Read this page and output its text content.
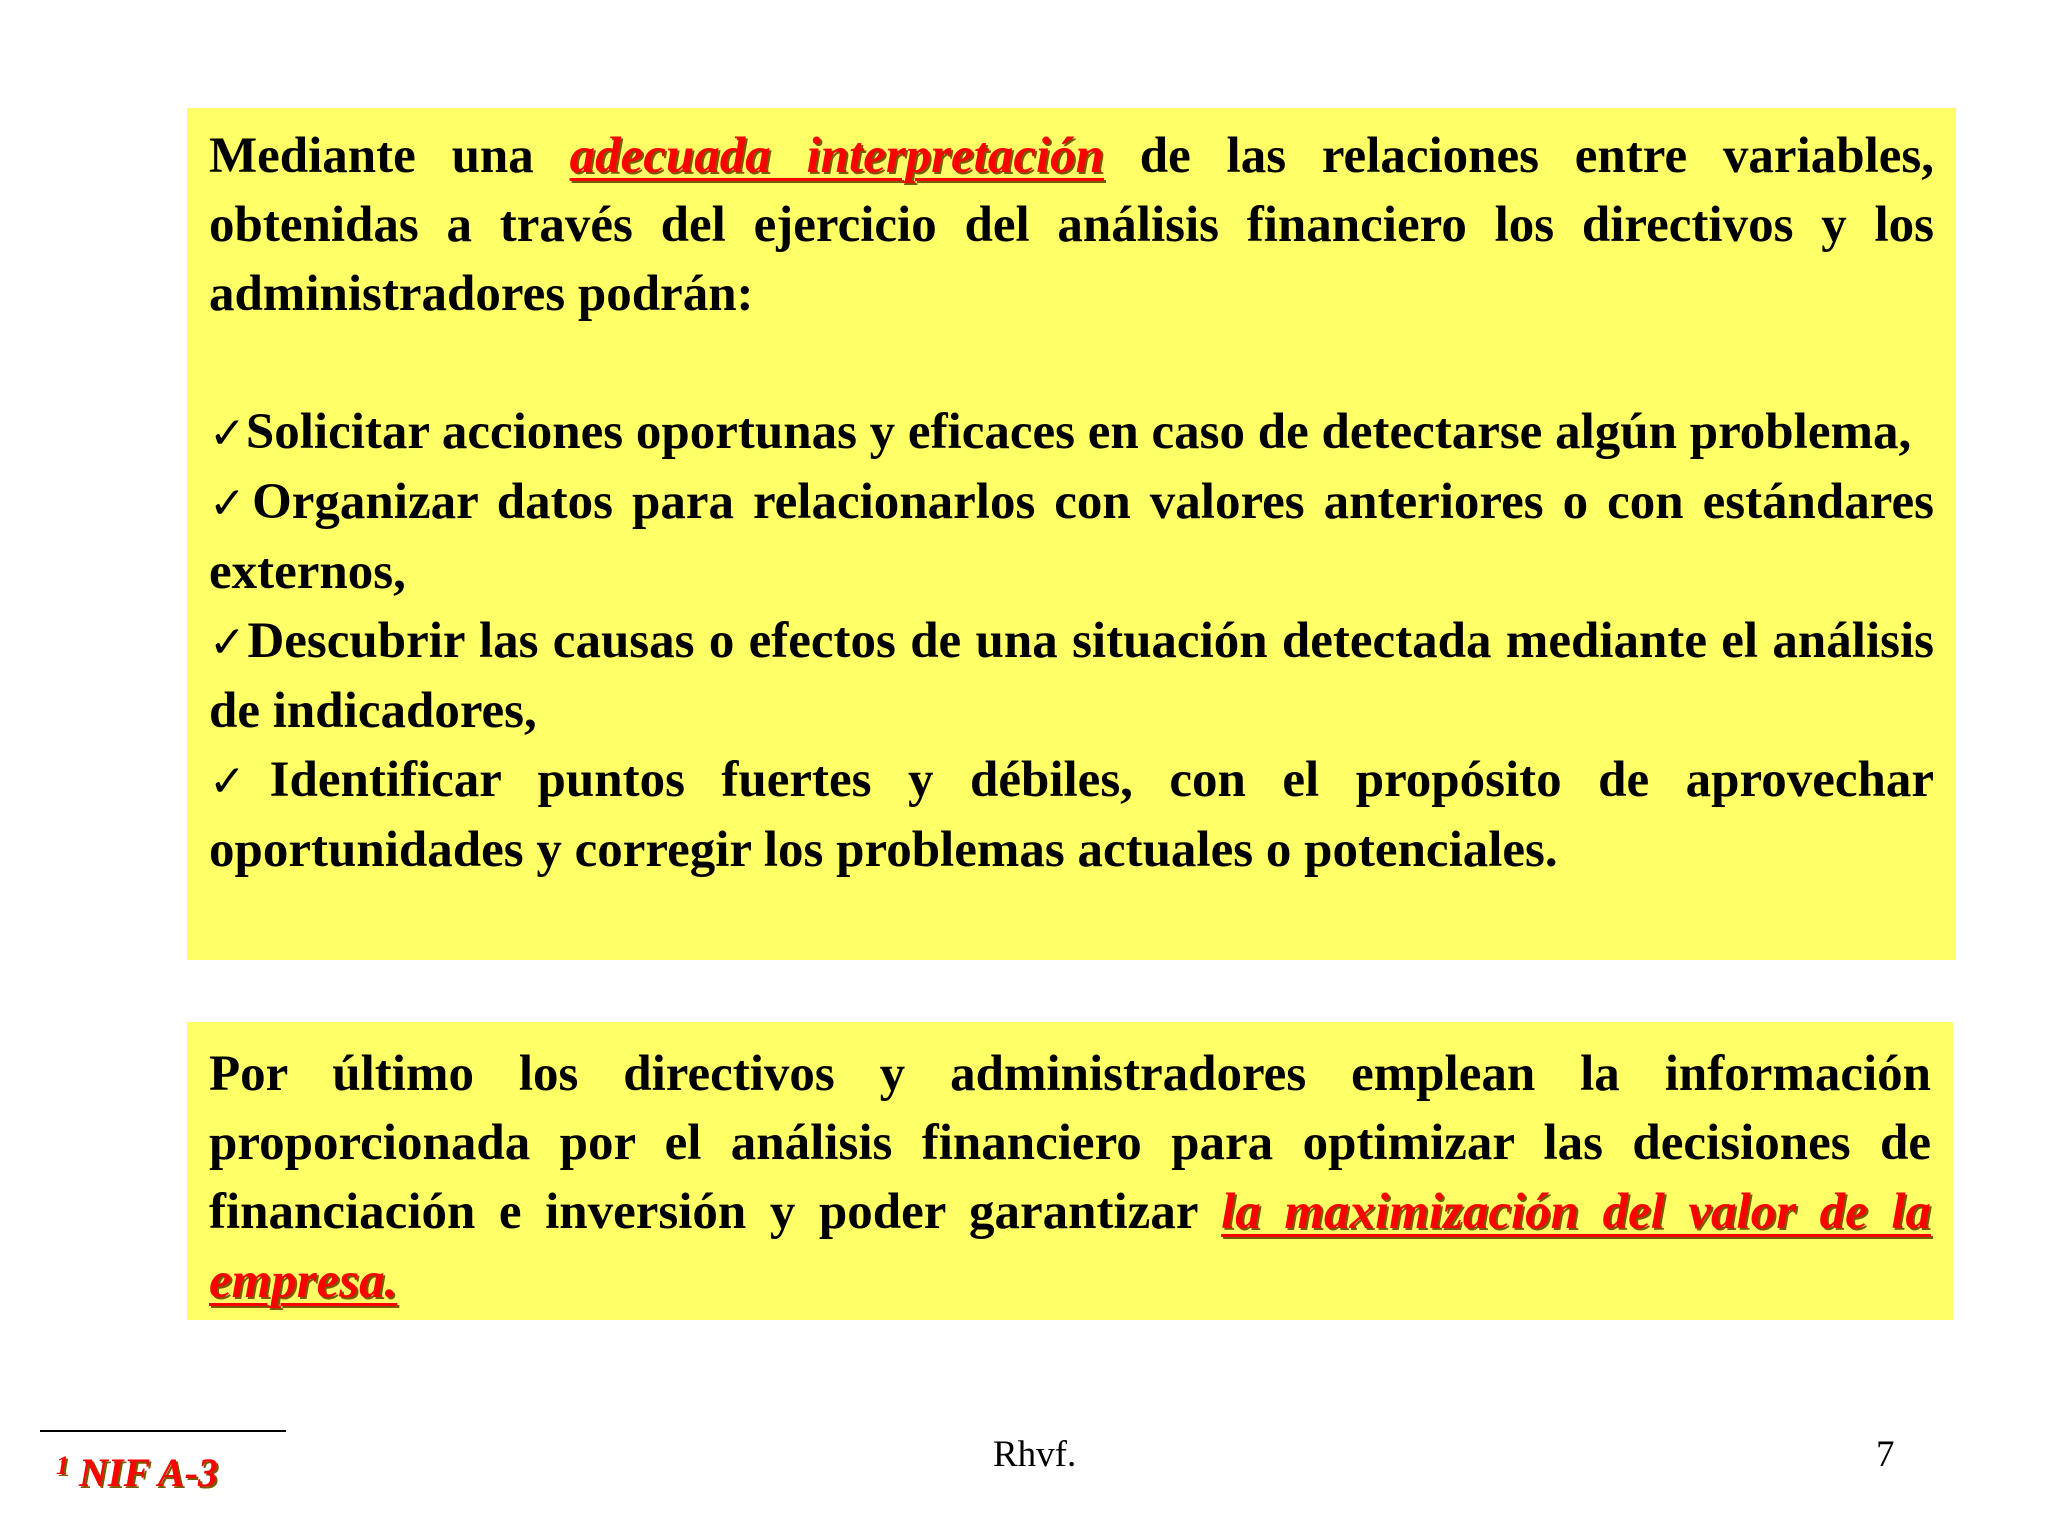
Mediante una adecuada interpretación de las relaciones entre variables, obtenidas a través del ejercicio del análisis financiero los directivos y los administradores podrán:

✓Solicitar acciones oportunas y eficaces en caso de detectarse algún problema,

✓Organizar datos para relacionarlos con valores anteriores o con estándares externos,

✓Descubrir las causas o efectos de una situación detectada mediante el análisis de indicadores,

✓Identificar puntos fuertes y débiles, con el propósito de aprovechar oportunidades y corregir los problemas actuales o potenciales.

Por último los directivos y administradores emplean la información proporcionada por el análisis financiero para optimizar las decisiones de financiación e inversión y poder garantizar la maximización del valor de la empresa.

$^1$ NIF A-3	Rhvf.	7
